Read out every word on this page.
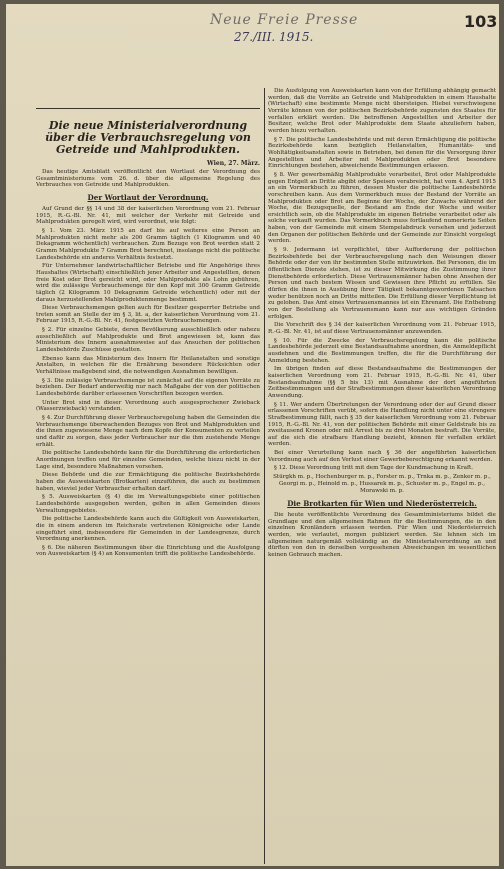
Neue Freie Presse	103
27./III. 1915.
Die neue Ministerialverordnung über die Verbrauchsregelung von Getreide und Mahlprodukten.
Wien, 27. März.

Das heutige Amtsblatt veröffentlicht den Wortlaut der Verordnung des Gesamtministeriums vom 26. d. über die allgemeine Regelung des Verbrauches von Getreide und Mahlprodukten.

Der Wortlaut der Verordnung.

Auf Grund der §§ 14 und 38 der kaiserlichen Verordnung vom 21. Februar 1915, R.-G.-Bl. Nr. 41, mit welcher der Verkehr mit Getreide und Mahlprodukten geregelt wird, wird verordnet, wie folgt:

§ 1. Vom 23. März 1915 an darf bis auf weiteres eine Person an Mahlprodukten nicht mehr als 200 Gramm täglich (1 Kilogramm und 40 Dekagramm wöchentlich) verbrauchen. Zum Bezuge von Brot werden statt 2 Gramm Mahlprodukte 7 Gramm Brot berechnet, insolange nicht die politische Landesbehörde ein anderes Verhältnis festsetzt.

Für Unternehmer landwirtschaftlicher Betriebe und für Angehörige ihres Haushaltes (Wirtschaft) einschließlich jener Arbeiter und Angestellten, denen freie Kost oder Brot gereicht wird, oder Mahlprodukte als Lohn gebühren, wird die zulässige Verbrauchsmenge für den Kopf mit 300 Gramm Getreide täglich (2 Kilogramm 10 Dekagramm Getreide wöchentlich) oder mit der daraus herzustellenden Mahlproduktenmenge bestimmt.

Diese Verbrauchsmengen gelten auch für Besitzer gesperrter Betriebe und treten somit an Stelle der im § 3, lit. a, der kaiserlichen Verordnung vom 21. Februar 1915, R.-G.-Bl. Nr. 41, festgesetzten Verbrauchsmengen.

§ 2. Für einzelne Gebiete, deren Bevölkerung ausschließlich oder nahezu ausschließlich auf Mahlprodukte und Brot angewiesen ist, kann das Ministerium des Innern ausnahmsweise auf das Ansuchen der politischen Landesbehörde Zuschüsse gestatten.

Ebenso kann das Ministerium des Innern für Heilanstalten und sonstige Anstalten, in welchen für die Ernährung besondere Rücksichten oder Verhältnisse maßgebend sind, die notwendigen Ausnahmen bewilligen.

§ 3. Die zulässige Verbrauchsmenge ist zunächst auf die eigenen Vorräte zu beziehen. Der Bedarf anderweitig nur nach Maßgabe der von der politischen Landesbehörde darüber erlassenen Vorschriften bezogen werden.

Unter Brot sind in dieser Verordnung auch ausgesprochener Zwieback (Wasserzwieback) verstanden.

§ 4. Zur Durchführung dieser Verbrauchsregelung haben die Gemeinden die Verbrauchsmenge überwachenden Bezuges von Brot und Mahlprodukten und die ihnen zugewiesene Menge nach dem Kopfe der Konsumenten zu verteilen und dafür zu sorgen, dass jeder Verbraucher nur die ihm zustehende Menge erhält.

Die politische Landesbehörde kann für die Durchführung die erforderlichen Anordnungen treffen und für einzelne Gemeinden, welche hiezu nicht in der Lage sind, besondere Maßnahmen vorsehen.

Diese Behörde und die zur Ermächtigung die politische Bezirksbehörde haben die Ausweiskarten (Brotkarten) einzuführen, die auch zu bestimmen haben, wieviel jeder Verbraucher erhalten darf.

§ 5. Ausweiskarten (§ 4) die im Verwaltungsgebiete einer politischen Landesbehörde ausgegeben werden, gelten in allen Gemeinden dieses Verwaltungsgebietes.

Die politische Landesbehörde kann auch die Gültigkeit von Ausweiskarten, die in einem anderen im Reichsrate vertretenen Königreiche oder Lande eingeführt sind, insbesondere für Gemeinden in der Landesgrenze, durch Verordnung anerkennen.

§ 6. Die näheren Bestimmungen über die Einrichtung und die Ausfolgung von Ausweiskarten (§ 4) an Konsumenten trifft die politische Landesbehörde.

Die Ausfolgung von Ausweiskarten kann von der Erfüllung abhängig gemacht werden, daß die Vorräte an Getreide und Mahlprodukten in einem Haushalte (Wirtschaft) eine bestimmte Menge nicht übersteigen. Hiebei verschwiegene Vorräte können von der politischen Bezirksbehörde zugunsten des Staates für verfallen erklärt werden. Die betroffenen Angestellten und Arbeiter der Besitzer, welche Brot oder Mahlprodukte dem Staate abzuliefern haben, werden hiezu verhalten.

§ 7. Die politische Landesbehörde und mit deren Ermächtigung die politische Bezirksbehörde kann bezüglich Heilanstalten, Humanitäts- und Wohltätigkeitsanstalten sowie in Betrieben, bei denen für die Versorgung ihrer Angestellten und Arbeiter mit Mahlprodukten oder Brot besondere Einrichtungen bestehen, abweichende Bestimmungen erlassen.

§ 8. Wer gewerbsmäßig Mahlprodukte verarbeitet, Brot oder Mahlprodukte gegen Entgelt an Dritte abgibt oder Speisen verabreicht, hat vom 4. April 1915 an ein Vormerkbuch zu führen, dessen Muster die politische Landesbehörde vorschreiben kann. Aus dem Vormerkbuch muss der Bestand der Vorräte an Mahlprodukten oder Brot am Beginne der Woche, der Zuwachs während der Woche, die Bezugsquelle, der Bestand am Ende der Woche und weiter ersichtlich sein, ob die Mahlprodukte im eigenen Betriebe verarbeitet oder als solche verkauft wurden. Das Vormerkbuch muss fortlaufend numerierte Seiten haben, von der Gemeinde mit einem Stempelabdruck versehen und jederzeit den Organen der politischen Behörde und der Gemeinde zur Einsicht vorgelegt werden.

§ 9. Jedermann ist verpflichtet, über Aufforderung der politischen Bezirksbehörde bei der Verbrauchsregelung nach den Weisungen dieser Behörde oder der von ihr bestimmten Stelle mitzuwirken. Bei Personen, die im öffentlichen Dienste stehen, ist zu dieser Mitwirkung die Zustimmung ihrer Dienstbehörde erforderlich. Diese Vertrauensmänner haben ohne Ansehen der Person und nach bestem Wissen und Gewissen ihre Pflicht zu erfüllen. Sie dürfen die ihnen in Ausübung ihrer Tätigkeit bekanntgewordenen Tatsachen weder benützen noch an Dritte mitteilen. Die Erfüllung dieser Verpflichtung ist zu geloben. Das Amt eines Vertrauensmannes ist ein Ehrenamt. Die Enthebung von der Bestellung als Vertrauensmann kann nur aus wichtigen Gründen erfolgen.

Die Vorschrift des § 34 der kaiserlichen Verordnung vom 21. Februar 1915, R.-G.-Bl. Nr. 41, ist auf diese Vertrauensmänner anzuwenden.

§ 10. Für die Zwecke der Verbrauchsregelung kann die politische Landesbehörde jederzeit eine Bestandsaufnahme anordnen, die Anmeldepflicht ausdehnen und die Bestimmungen treffen, die für die Durchführung der Anmeldung bestehen.

Im übrigen finden auf diese Bestandsaufnahme die Bestimmungen der kaiserlichen Verordnung vom 21. Februar 1915, R.-G.-Bl. Nr. 41, über Bestandsaufnahme (§§ 5 bis 13) mit Ausnahme der dort angeführten Zeitbestimmungen und der Strafbestimmungen dieser kaiserlichen Verordnung Anwendung.

§ 11. Wer andern Übertretungen der Verordnung oder der auf Grund dieser erlassenen Vorschriften verübt, sofern die Handlung nicht unter eine strengere Strafbestimmung fällt, nach § 35 der kaiserlichen Verordnung vom 21. Februar 1915, R.-G.-Bl. Nr. 41, von der politischen Behörde mit einer Geldstrafe bis zu zweitausend Kronen oder mit Arrest bis zu drei Monaten bestraft. Die Vorräte, auf die sich die strafbare Handlung bezieht, können für verfallen erklärt werden.

Bei einer Verurteilung kann nach § 36 der angeführten kaiserlichen Verordnung auch auf den Verlust einer Gewerbeberechtigung erkannt werden.

§ 12. Diese Verordnung tritt mit dem Tage der Kundmachung in Kraft.

Stürgkh m. p., Hochenburger m. p., Forster m. p., Trnka m. p., Zenker m. p., Georgi m. p., Heinold m. p., Hussarek m. p., Schuster m. p., Engel m. p., Morawski m. p.
Die Brotkarten für Wien und Niederösterreich.

Die heute veröffentlichte Verordnung des Gesamtministeriums bildet die Grundlage und den allgemeinen Rahmen für die Bestimmungen, die in den einzelnen Kronländern erlassen werden. Für Wien und Niederösterreich werden, wie verlautet, morgen publiziert werden. Sie lehnen sich im allgemeinen naturgemäß vollständig an die Ministerialverordnung an und dürften von den in derselben vorgesehenen Abweichungen im wesentlichen keinen Gebrauch machen.
